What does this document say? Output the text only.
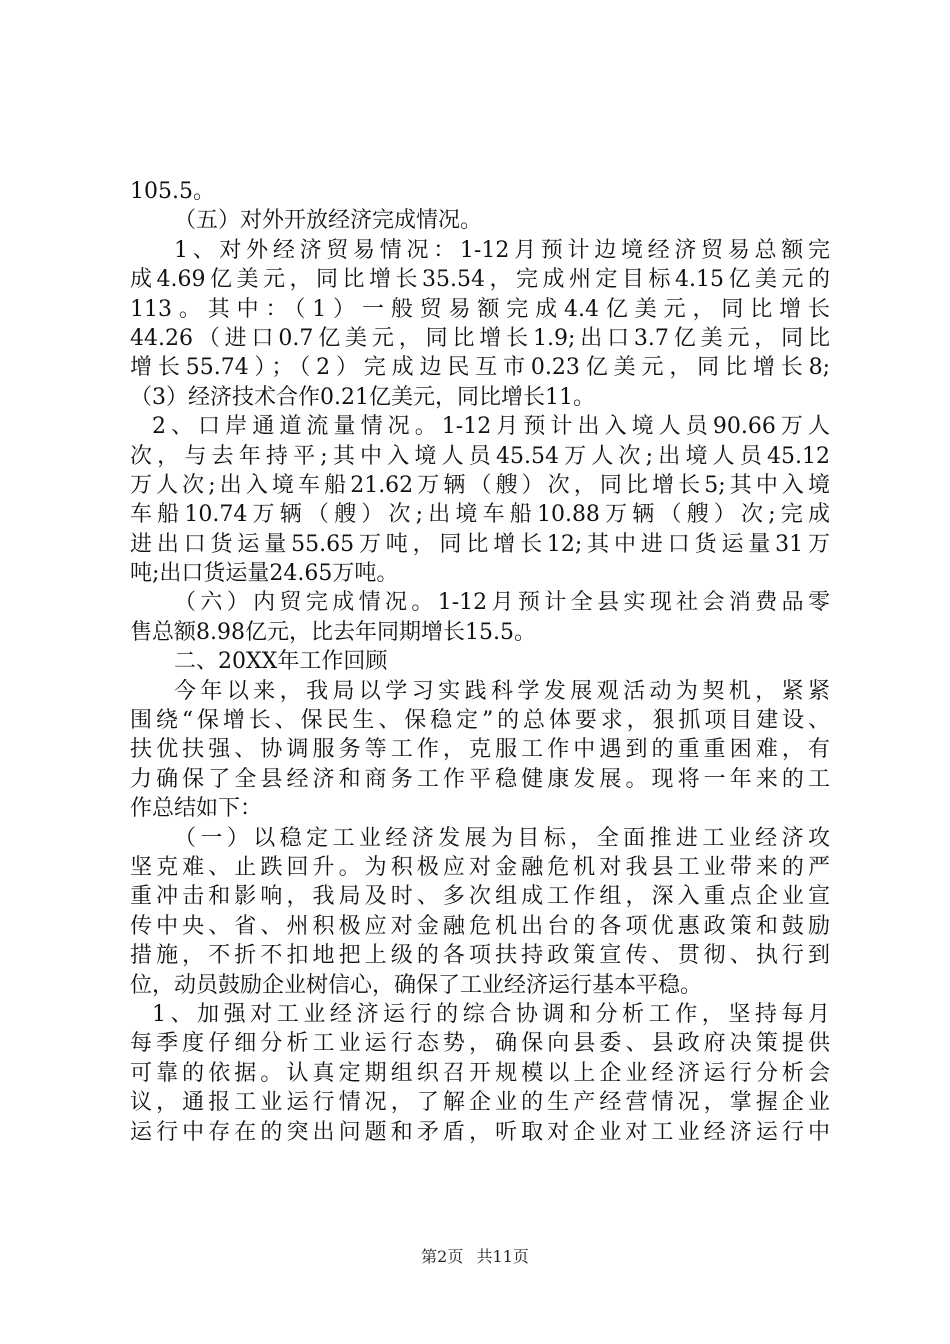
105.5。
（五）对外开放经济完成情况。
1、对外经济贸易情况：1-12月预计边境经济贸易总额完
成4.69亿美元，同比增长35.54，完成州定目标4.15亿美元的
113。其中：（1）一般贸易额完成4.4亿美元，同比增长
44.26（进口0.7亿美元，同比增长1.9;出口3.7亿美元，同比
增长55.74）；（2）完成边民互市0.23亿美元，同比增长8;
（3）经济技术合作0.21亿美元，同比增长11。
2、口岸通道流量情况。1-12月预计出入境人员90.66万人
次，与去年持平;其中入境人员45.54万人次;出境人员45.12
万人次;出入境车船21.62万辆（艘）次，同比增长5;其中入境
车船10.74万辆（艘）次;出境车船10.88万辆（艘）次;完成
进出口货运量55.65万吨，同比增长12;其中进口货运量31万
吨;出口货运量24.65万吨。
（六）内贸完成情况。1-12月预计全县实现社会消费品零
售总额8.98亿元，比去年同期增长15.5。
二、20XX年工作回顾
今年以来，我局以学习实践科学发展观活动为契机，紧紧
围绕“保增长、保民生、保稳定”的总体要求，狠抓项目建设、
扶优扶强、协调服务等工作，克服工作中遇到的重重困难，有
力确保了全县经济和商务工作平稳健康发展。现将一年来的工
作总结如下：
（一）以稳定工业经济发展为目标，全面推进工业经济攻
坚克难、止跌回升。为积极应对金融危机对我县工业带来的严
重冲击和影响，我局及时、多次组成工作组，深入重点企业宣
传中央、省、州积极应对金融危机出台的各项优惠政策和鼓励
措施，不折不扣地把上级的各项扶持政策宣传、贯彻、执行到
位，动员鼓励企业树信心，确保了工业经济运行基本平稳。
1、加强对工业经济运行的综合协调和分析工作，坚持每月
每季度仔细分析工业运行态势，确保向县委、县政府决策提供
可靠的依据。认真定期组织召开规模以上企业经济运行分析会
议，通报工业运行情况，了解企业的生产经营情况，掌握企业
运行中存在的突出问题和矛盾，听取对企业对工业经济运行中
第2页 共11页
